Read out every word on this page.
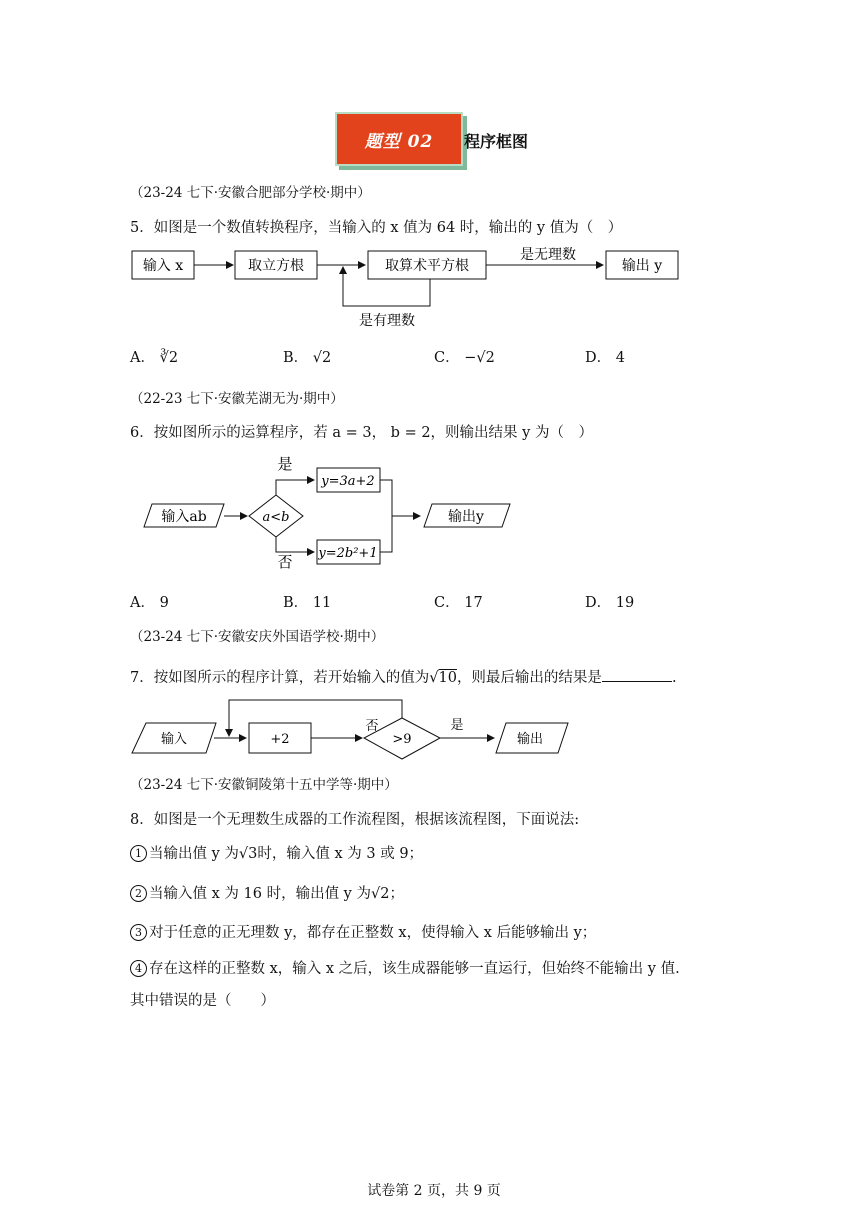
题型 02	程序框图
（23-24 七下·安徽合肥部分学校·期中）
5．如图是一个数值转换程序，当输入的 x 值为 64 时，输出的 y 值为（　）
输入 x	取立方根	取算术平方根
是无理数
输出 y
是有理数
A． ∛2	B． √2	C． −√2	D． 4
（22-23 七下·安徽芜湖无为·期中）
6．按如图所示的运算程序，若 a = 3， b = 2，则输出结果 y 为（　）
输入ab	a<b
是
否
y=3a+2
y=2b²+1
输出y
A． 9	B． 11	C． 17	D． 19
（23-24 七下·安徽安庆外国语学校·期中）
7．按如图所示的程序计算，若开始输入的值为√10，则最后输出的结果是	.
输入	+2	>9
否	是
输出
（23-24 七下·安徽铜陵第十五中学等·期中）
8．如图是一个无理数生成器的工作流程图，根据该流程图，下面说法:
1 当输出值 y 为√3时，输入值 x 为 3 或 9；
2 当输入值 x 为 16 时，输出值 y 为√2；
3 对于任意的正无理数 y，都存在正整数 x，使得输入 x 后能够输出 y；
4 存在这样的正整数 x，输入 x 之后，该生成器能够一直运行，但始终不能输出 y 值.
其中错误的是（　　）
试卷第 2 页，共 9 页
